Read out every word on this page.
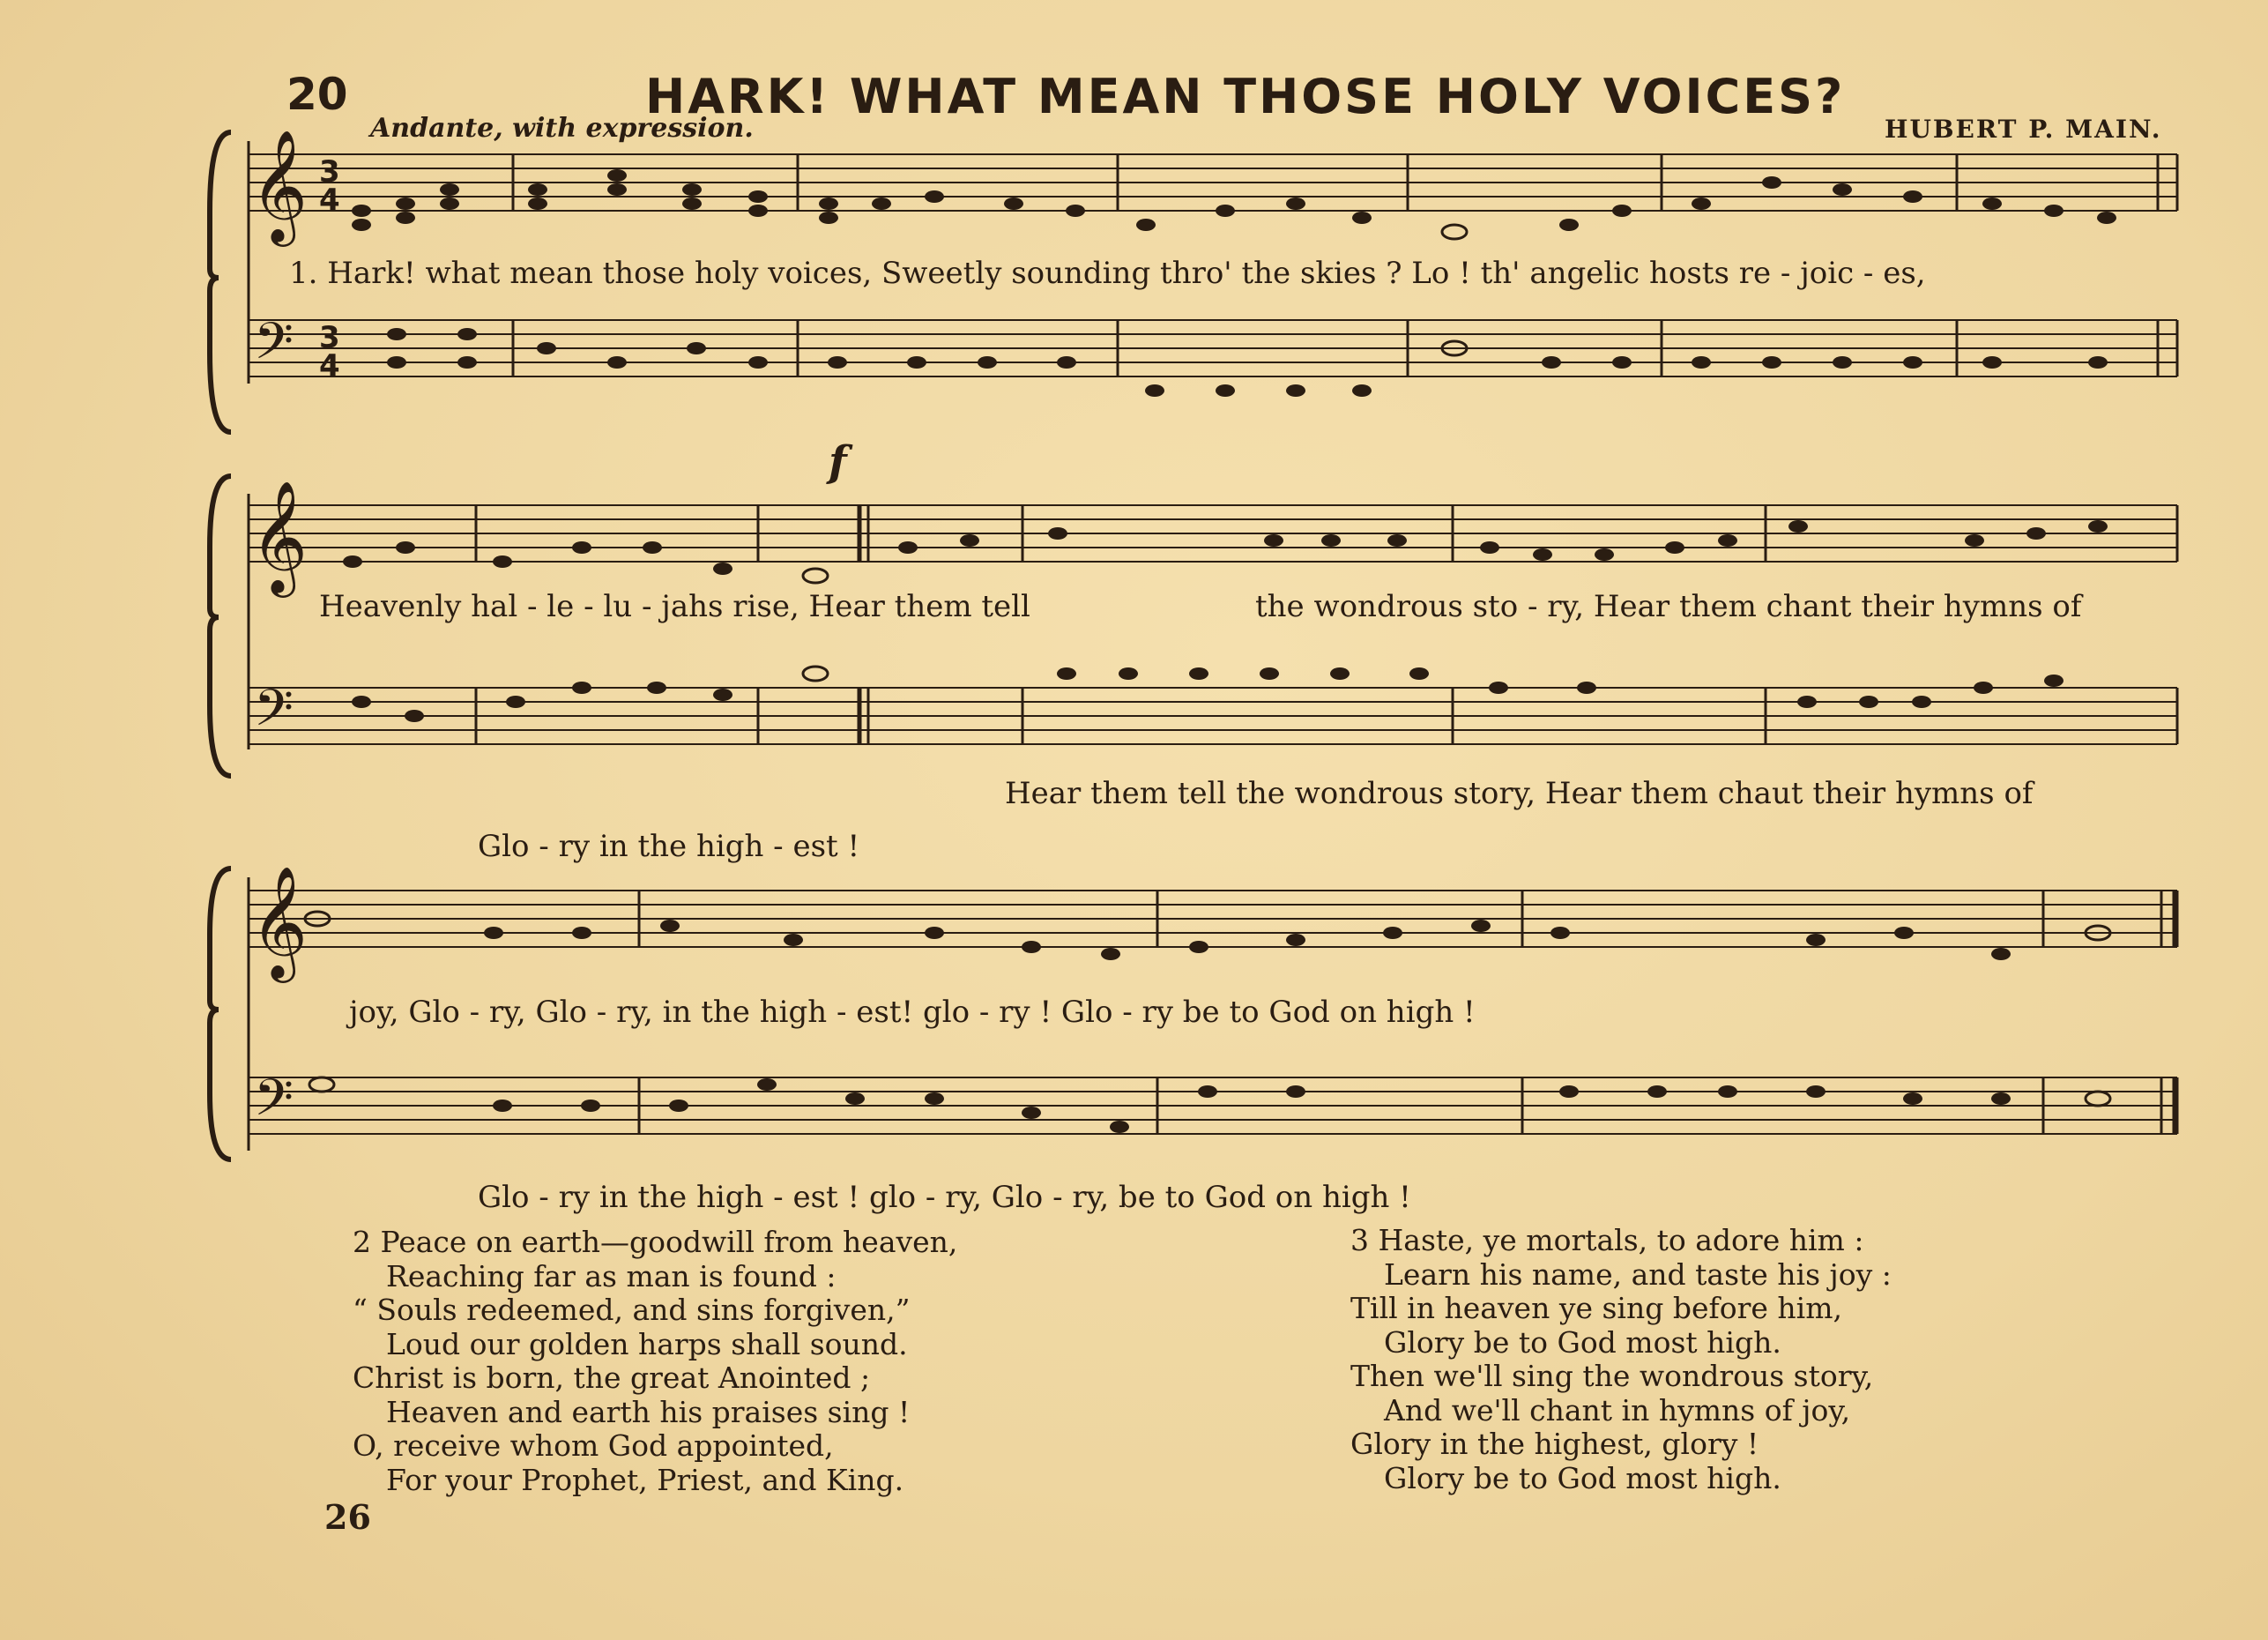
20	HARK! WHAT MEAN THOSE HOLY VOICES?
Andante, with expression.	HUBERT P. MAIN.
𝄞
𝄢
𝄞
𝄢
𝄞
𝄢
3
4
3
4
f
1. Hark! what mean those holy voices, Sweetly sounding thro' the skies ? Lo ! th' angelic hosts re - joic - es,
Heavenly hal - le - lu - jahs rise, Hear them tell	the wondrous sto - ry, Hear them chant their hymns of
Hear them tell the wondrous story, Hear them chaut their hymns of
Glo - ry in the high - est !
joy, Glo - ry, Glo - ry, in the high - est! glo - ry ! Glo - ry be to God on high !
Glo - ry in the high - est ! glo - ry, Glo - ry, be to God on high !
2 Peace on earth—goodwill from heaven,
Reaching far as man is found :
“ Souls redeemed, and sins forgiven,”
Loud our golden harps shall sound.
Christ is born, the great Anointed ;
Heaven and earth his praises sing !
O, receive whom God appointed,
For your Prophet, Priest, and King.
3 Haste, ye mortals, to adore him :
Learn his name, and taste his joy :
Till in heaven ye sing before him,
Glory be to God most high.
Then we'll sing the wondrous story,
And we'll chant in hymns of joy,
Glory in the highest, glory !
Glory be to God most high.
26
